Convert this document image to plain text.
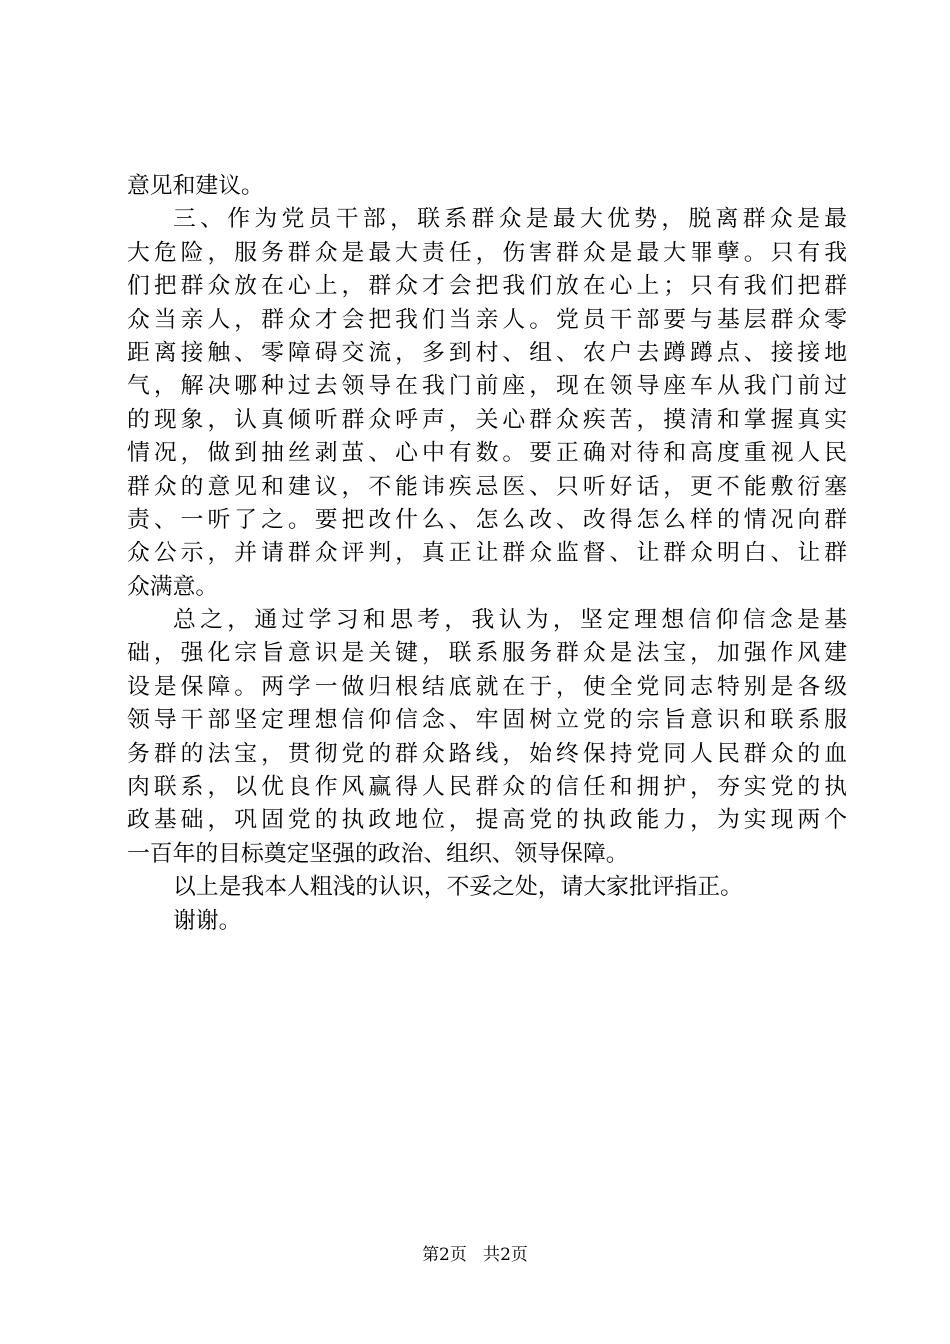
意见和建议。
三、作为党员干部，联系群众是最大优势，脱离群众是最
大危险，服务群众是最大责任，伤害群众是最大罪孽。只有我
们把群众放在心上，群众才会把我们放在心上；只有我们把群
众当亲人，群众才会把我们当亲人。党员干部要与基层群众零
距离接触、零障碍交流，多到村、组、农户去蹲蹲点、接接地
气，解决哪种过去领导在我门前座，现在领导座车从我门前过
的现象，认真倾听群众呼声，关心群众疾苦，摸清和掌握真实
情况，做到抽丝剥茧、心中有数。要正确对待和高度重视人民
群众的意见和建议，不能讳疾忌医、只听好话，更不能敷衍塞
责、一听了之。要把改什么、怎么改、改得怎么样的情况向群
众公示，并请群众评判，真正让群众监督、让群众明白、让群
众满意。
总之，通过学习和思考，我认为，坚定理想信仰信念是基
础，强化宗旨意识是关键，联系服务群众是法宝，加强作风建
设是保障。两学一做归根结底就在于，使全党同志特别是各级
领导干部坚定理想信仰信念、牢固树立党的宗旨意识和联系服
务群的法宝，贯彻党的群众路线，始终保持党同人民群众的血
肉联系，以优良作风赢得人民群众的信任和拥护，夯实党的执
政基础，巩固党的执政地位，提高党的执政能力，为实现两个
一百年的目标奠定坚强的政治、组织、领导保障。
以上是我本人粗浅的认识，不妥之处，请大家批评指正。
谢谢。
第2页 共2页
